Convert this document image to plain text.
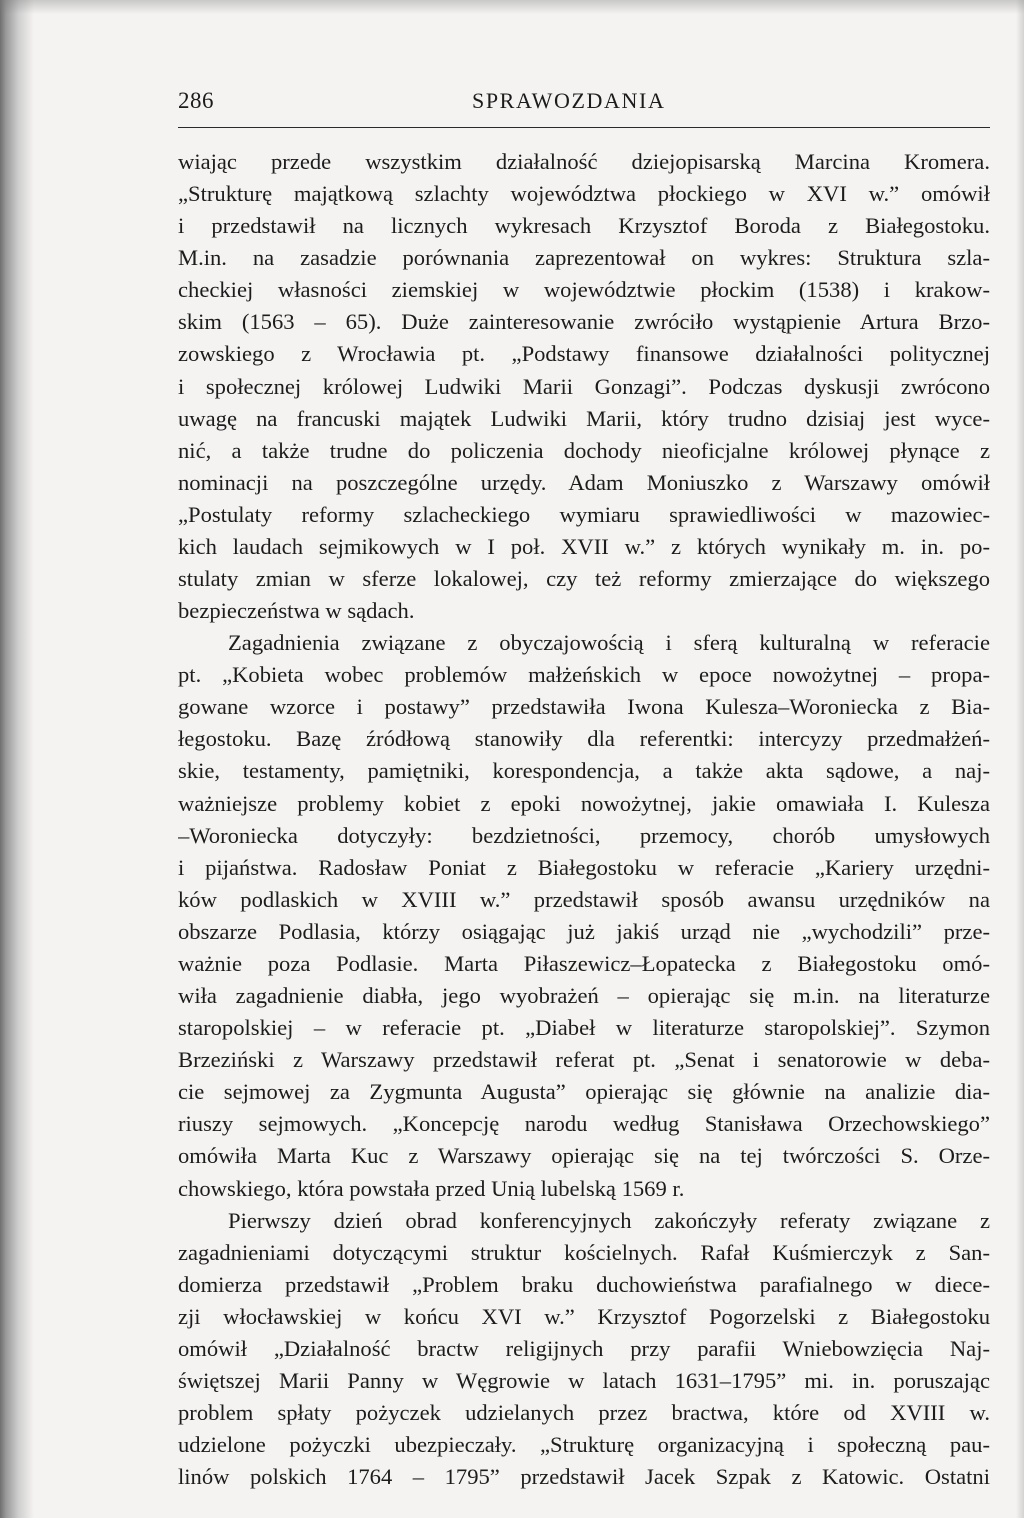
286	SPRAWOZDANIA
wiając przede wszystkim działalność dziejopisarską Marcina Kromera.
„Strukturę majątkową szlachty województwa płockiego w XVI w.” omówił
i przedstawił na licznych wykresach Krzysztof Boroda z Białegostoku.
M.in. na zasadzie porównania zaprezentował on wykres: Struktura szla-
checkiej własności ziemskiej w województwie płockim (1538) i krakow-
skim (1563 – 65). Duże zainteresowanie zwróciło wystąpienie Artura Brzo-
zowskiego z Wrocławia pt. „Podstawy finansowe działalności politycznej
i społecznej królowej Ludwiki Marii Gonzagi”. Podczas dyskusji zwrócono
uwagę na francuski majątek Ludwiki Marii, który trudno dzisiaj jest wyce-
nić, a także trudne do policzenia dochody nieoficjalne królowej płynące z
nominacji na poszczególne urzędy. Adam Moniuszko z Warszawy omówił
„Postulaty reformy szlacheckiego wymiaru sprawiedliwości w mazowiec-
kich laudach sejmikowych w I poł. XVII w.” z których wynikały m. in. po-
stulaty zmian w sferze lokalowej, czy też reformy zmierzające do większego
bezpieczeństwa w sądach.
Zagadnienia związane z obyczajowością i sferą kulturalną w referacie
pt. „Kobieta wobec problemów małżeńskich w epoce nowożytnej – propa-
gowane wzorce i postawy” przedstawiła Iwona Kulesza–Woroniecka z Bia-
łegostoku. Bazę źródłową stanowiły dla referentki: intercyzy przedmałżeń-
skie, testamenty, pamiętniki, korespondencja, a także akta sądowe, a naj-
ważniejsze problemy kobiet z epoki nowożytnej, jakie omawiała I. Kulesza
–Woroniecka dotyczyły: bezdzietności, przemocy, chorób umysłowych
i pijaństwa. Radosław Poniat z Białegostoku w referacie „Kariery urzędni-
ków podlaskich w XVIII w.” przedstawił sposób awansu urzędników na
obszarze Podlasia, którzy osiągając już jakiś urząd nie „wychodzili” prze-
ważnie poza Podlasie. Marta Piłaszewicz–Łopatecka z Białegostoku omó-
wiła zagadnienie diabła, jego wyobrażeń – opierając się m.in. na literaturze
staropolskiej – w referacie pt. „Diabeł w literaturze staropolskiej”. Szymon
Brzeziński z Warszawy przedstawił referat pt. „Senat i senatorowie w deba-
cie sejmowej za Zygmunta Augusta” opierając się głównie na analizie dia-
riuszy sejmowych. „Koncepcję narodu według Stanisława Orzechowskiego”
omówiła Marta Kuc z Warszawy opierając się na tej twórczości S. Orze-
chowskiego, która powstała przed Unią lubelską 1569 r.
Pierwszy dzień obrad konferencyjnych zakończyły referaty związane z
zagadnieniami dotyczącymi struktur kościelnych. Rafał Kuśmierczyk z San-
domierza przedstawił „Problem braku duchowieństwa parafialnego w diece-
zji włocławskiej w końcu XVI w.” Krzysztof Pogorzelski z Białegostoku
omówił „Działalność bractw religijnych przy parafii Wniebowzięcia Naj-
świętszej Marii Panny w Węgrowie w latach 1631–1795” mi. in. poruszając
problem spłaty pożyczek udzielanych przez bractwa, które od XVIII w.
udzielone pożyczki ubezpieczały. „Strukturę organizacyjną i społeczną pau-
linów polskich 1764 – 1795” przedstawił Jacek Szpak z Katowic. Ostatni
